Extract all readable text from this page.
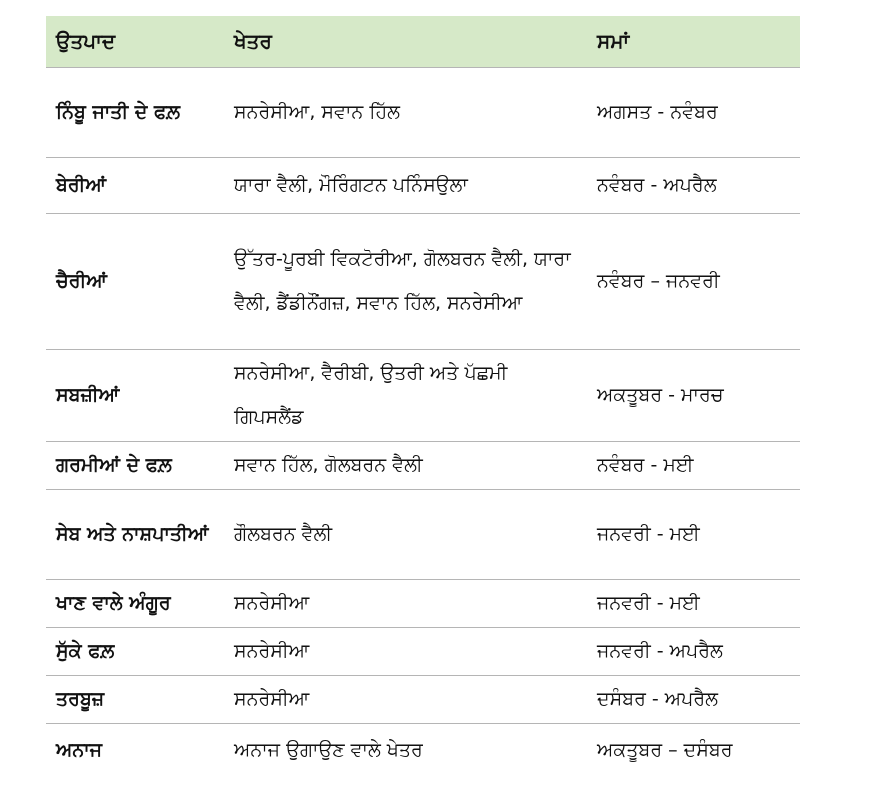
ਉਤਪਾਦ	ਖੇਤਰ	ਸਮਾਂ
ਨਿੰਬੂ ਜਾਤੀ ਦੇ ਫਲ਼	ਸਨਰੇਸੀਆ, ਸਵਾਨ ਹਿੱਲ	ਅਗਸਤ - ਨਵੰਬਰ
ਬੇਰੀਆਂ	ਯਾਰਾ ਵੈਲੀ, ਮੌਰਿੰਗਟਨ ਪਨਿੰਸਉਲਾ	ਨਵੰਬਰ - ਅਪਰੈਲ
ਚੈਰੀਆਂ	ਉੱਤਰ-ਪੂਰਬੀ ਵਿਕਟੋਰੀਆ, ਗੋਲਬਰਨ ਵੈਲੀ, ਯਾਰਾ ਵੈਲੀ, ਡੈਂਡੀਨੌਂਗਜ਼, ਸਵਾਨ ਹਿੱਲ, ਸਨਰੇਸੀਆ	ਨਵੰਬਰ – ਜਨਵਰੀ
ਸਬਜ਼ੀਆਂ	ਸਨਰੇਸੀਆ, ਵੈਰੀਬੀ, ਉਤਰੀ ਅਤੇ ਪੱਛਮੀ ਗਿਪਸਲੈਂਡ	ਅਕਤੂਬਰ - ਮਾਰਚ
ਗਰਮੀਆਂ ਦੇ ਫਲ਼	ਸਵਾਨ ਹਿੱਲ, ਗੋਲਬਰਨ ਵੈਲੀ	ਨਵੰਬਰ - ਮਈ
ਸੇਬ ਅਤੇ ਨਾਸ਼ਪਾਤੀਆਂ	ਗੌਲਬਰਨ ਵੈਲੀ	ਜਨਵਰੀ - ਮਈ
ਖਾਣ ਵਾਲੇ ਅੰਗੂਰ	ਸਨਰੇਸੀਆ	ਜਨਵਰੀ - ਮਈ
ਸੁੱਕੇ ਫਲ਼	ਸਨਰੇਸੀਆ	ਜਨਵਰੀ - ਅਪਰੈਲ
ਤਰਬੂਜ਼	ਸਨਰੇਸੀਆ	ਦਸੰਬਰ - ਅਪਰੈਲ
ਅਨਾਜ	ਅਨਾਜ ਉਗਾਉਣ ਵਾਲੇ ਖੇਤਰ	ਅਕਤੂਬਰ – ਦਸੰਬਰ
